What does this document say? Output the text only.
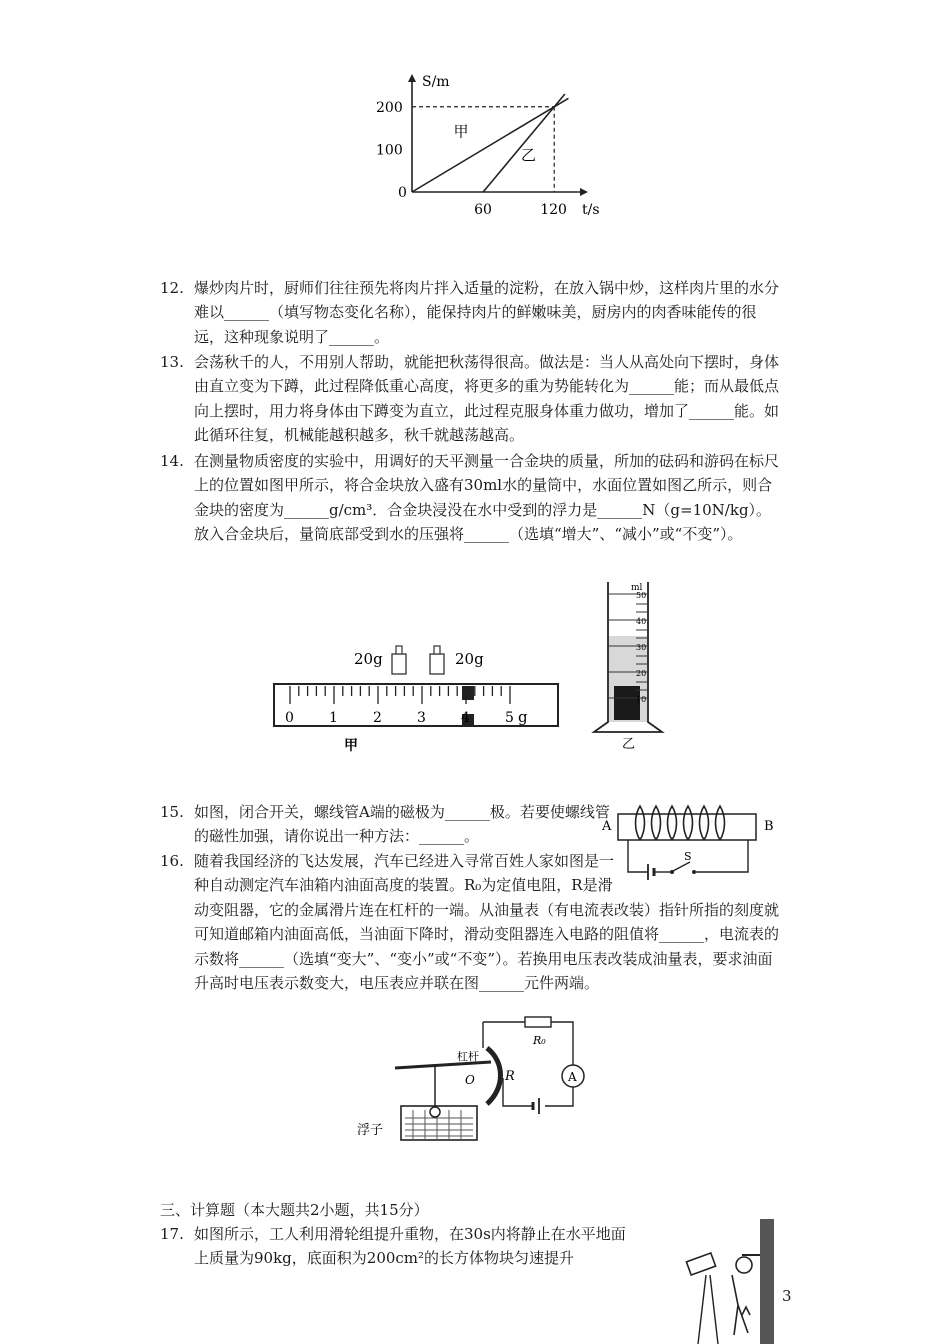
S/m
t/s
200
100
0
60	120
甲
乙
12. 爆炒肉片时，厨师们往往预先将肉片拌入适量的淀粉，在放入锅中炒，这样肉片里的水分难以______（填写物态变化名称），能保持肉片的鲜嫩味美，厨房内的肉香味能传的很远，这种现象说明了______。
13. 会荡秋千的人，不用别人帮助，就能把秋荡得很高。做法是：当人从高处向下摆时，身体由直立变为下蹲，此过程降低重心高度，将更多的重为势能转化为______能；而从最低点向上摆时，用力将身体由下蹲变为直立，此过程克服身体重力做功，增加了______能。如此循环往复，机械能越积越多，秋千就越荡越高。
14. 在测量物质密度的实验中，用调好的天平测量一合金块的质量，所加的砝码和游码在标尺上的位置如图甲所示，将合金块放入盛有30ml水的量筒中，水面位置如图乙所示，则合金块的密度为______g/cm³．合金块浸没在水中受到的浮力是______N（g=10N/kg）。放入合金块后，量筒底部受到水的压强将______（选填“增大”、“减小”或“不变”）。
20g	20g
0	1	2	3	4	5 g
甲
ml
50
40
30
20
10
乙
15. 如图，闭合开关，螺线管A端的磁极为______极。若要使螺线管的磁性加强，请你说出一种方法：______。
16. 随着我国经济的飞达发展，汽车已经进入寻常百姓人家如图是一种自动测定汽车油箱内油面高度的装置。R₀为定值电阻，R是滑动变阻器，它的金属滑片连在杠杆的一端。从油量表（有电流表改装）指针所指的刻度就可知道邮箱内油面高低，当油面下降时，滑动变阻器连入电路的阻值将______，电流表的示数将______（选填“变大”、“变小”或“不变”）。若换用电压表改装成油量表，要求油面升高时电压表示数变大，电压表应并联在图______元件两端。
A	B
S
R₀
A
R
杠杆
O
浮子
三、计算题（本大题共2小题，共15分）
17. 如图所示，工人利用滑轮组提升重物，在30s内将静止在水平地面上质量为90kg，底面积为200cm²的长方体物块匀速提升
3
